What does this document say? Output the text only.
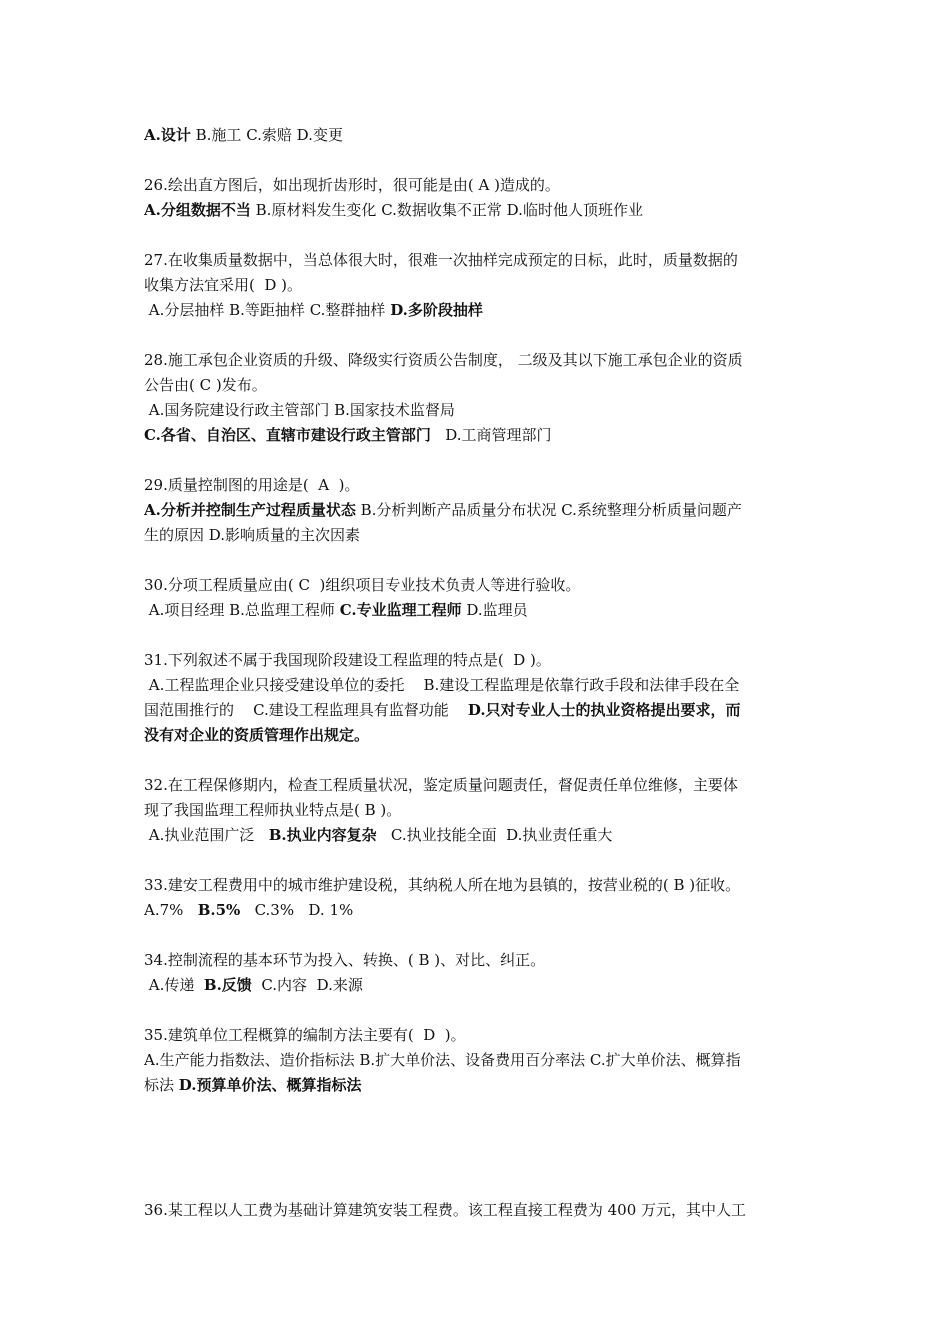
A.设计 B.施工 C.索赔 D.变更
26.绘出直方图后，如出现折齿形时，很可能是由( A )造成的。
A.分组数据不当 B.原材料发生变化 C.数据收集不正常 D.临时他人顶班作业
27.在收集质量数据中，当总体很大时，很难一次抽样完成预定的日标，此时，质量数据的
收集方法宜采用(  D )。
A.分层抽样 B.等距抽样 C.整群抽样 D.多阶段抽样
28.施工承包企业资质的升级、降级实行资质公告制度， 二级及其以下施工承包企业的资质
公告由( C )发布。
A.国务院建设行政主管部门 B.国家技术监督局
C.各省、自治区、直辖市建设行政主管部门   D.工商管理部门
29.质量控制图的用途是(  A  )。
A.分析并控制生产过程质量状态 B.分析判断产品质量分布状况 C.系统整理分析质量问题产
生的原因 D.影响质量的主次因素
30.分项工程质量应由( C  )组织项目专业技术负责人等进行验收。
A.项目经理 B.总监理工程师 C.专业监理工程师 D.监理员
31.下列叙述不属于我国现阶段建设工程监理的特点是(  D )。
A.工程监理企业只接受建设单位的委托    B.建设工程监理是依靠行政手段和法律手段在全
国范围推行的    C.建设工程监理具有监督功能    D.只对专业人士的执业资格提出要求，而
没有对企业的资质管理作出规定。
32.在工程保修期内，检查工程质量状况，鉴定质量问题责任，督促责任单位维修，主要体
现了我国监理工程师执业特点是( B )。
A.执业范围广泛   B.执业内容复杂   C.执业技能全面  D.执业责任重大
33.建安工程费用中的城市维护建设税，其纳税人所在地为县镇的，按营业税的( B )征收。
A.7%   B.5%   C.3%   D. 1%
34.控制流程的基本环节为投入、转换、( B )、对比、纠正。
A.传递  B.反馈  C.内容  D.来源
35.建筑单位工程概算的编制方法主要有(  D  )。
A.生产能力指数法、造价指标法 B.扩大单价法、设备费用百分率法 C.扩大单价法、概算指
标法 D.预算单价法、概算指标法
36.某工程以人工费为基础计算建筑安装工程费。该工程直接工程费为 400 万元，其中人工
